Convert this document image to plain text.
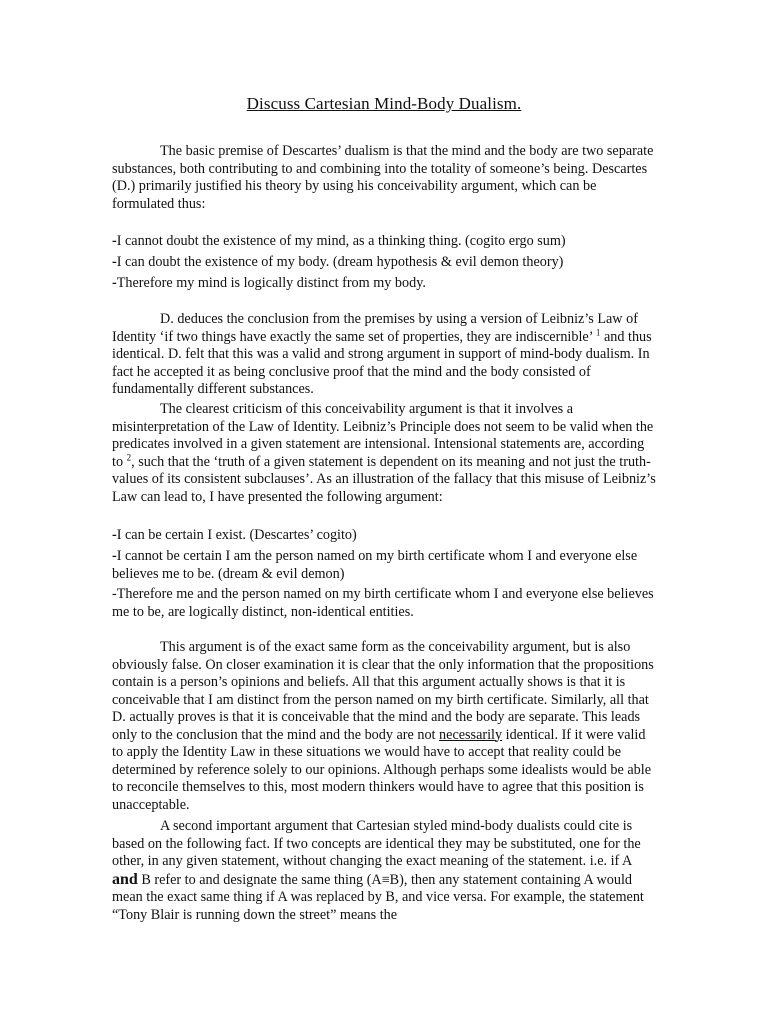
Discuss Cartesian Mind-Body Dualism.
The basic premise of Descartes’ dualism is that the mind and the body are two separate substances, both contributing to and combining into the totality of someone’s being. Descartes (D.) primarily justified his theory by using his conceivability argument, which can be formulated thus:
-I cannot doubt the existence of my mind, as a thinking thing. (cogito ergo sum)
-I can doubt the existence of my body. (dream hypothesis & evil demon theory)
-Therefore my mind is logically distinct from my body.
D. deduces the conclusion from the premises by using a version of Leibniz’s Law of Identity ‘if two things have exactly the same set of properties, they are indiscernible’ $^1$ and thus identical. D. felt that this was a valid and strong argument in support of mind-body dualism. In fact he accepted it as being conclusive proof that the mind and the body consisted of fundamentally different substances.
The clearest criticism of this conceivability argument is that it involves a misinterpretation of the Law of Identity. Leibniz’s Principle does not seem to be valid when the predicates involved in a given statement are intensional. Intensional statements are, according to $^2$, such that the ‘truth of a given statement is dependent on its meaning and not just the truth-values of its consistent subclauses’. As an illustration of the fallacy that this misuse of Leibniz’s Law can lead to, I have presented the following argument:
-I can be certain I exist. (Descartes’ cogito)
-I cannot be certain I am the person named on my birth certificate whom I and everyone else believes me to be. (dream & evil demon)
-Therefore me and the person named on my birth certificate whom I and everyone else believes me to be, are logically distinct, non-identical entities.
This argument is of the exact same form as the conceivability argument, but is also obviously false. On closer examination it is clear that the only information that the propositions contain is a person’s opinions and beliefs. All that this argument actually shows is that it is conceivable that I am distinct from the person named on my birth certificate. Similarly, all that D. actually proves is that it is conceivable that the mind and the body are separate. This leads only to the conclusion that the mind and the body are not necessarily identical. If it were valid to apply the Identity Law in these situations we would have to accept that reality could be determined by reference solely to our opinions. Although perhaps some idealists would be able to reconcile themselves to this, most modern thinkers would have to agree that this position is unacceptable.
A second important argument that Cartesian styled mind-body dualists could cite is based on the following fact. If two concepts are identical they may be substituted, one for the other, in any given statement, without changing the exact meaning of the statement. i.e. if A and B refer to and designate the same thing (A≡B), then any statement containing A would mean the exact same thing if A was replaced by B, and vice versa. For example, the statement “Tony Blair is running down the street” means the
